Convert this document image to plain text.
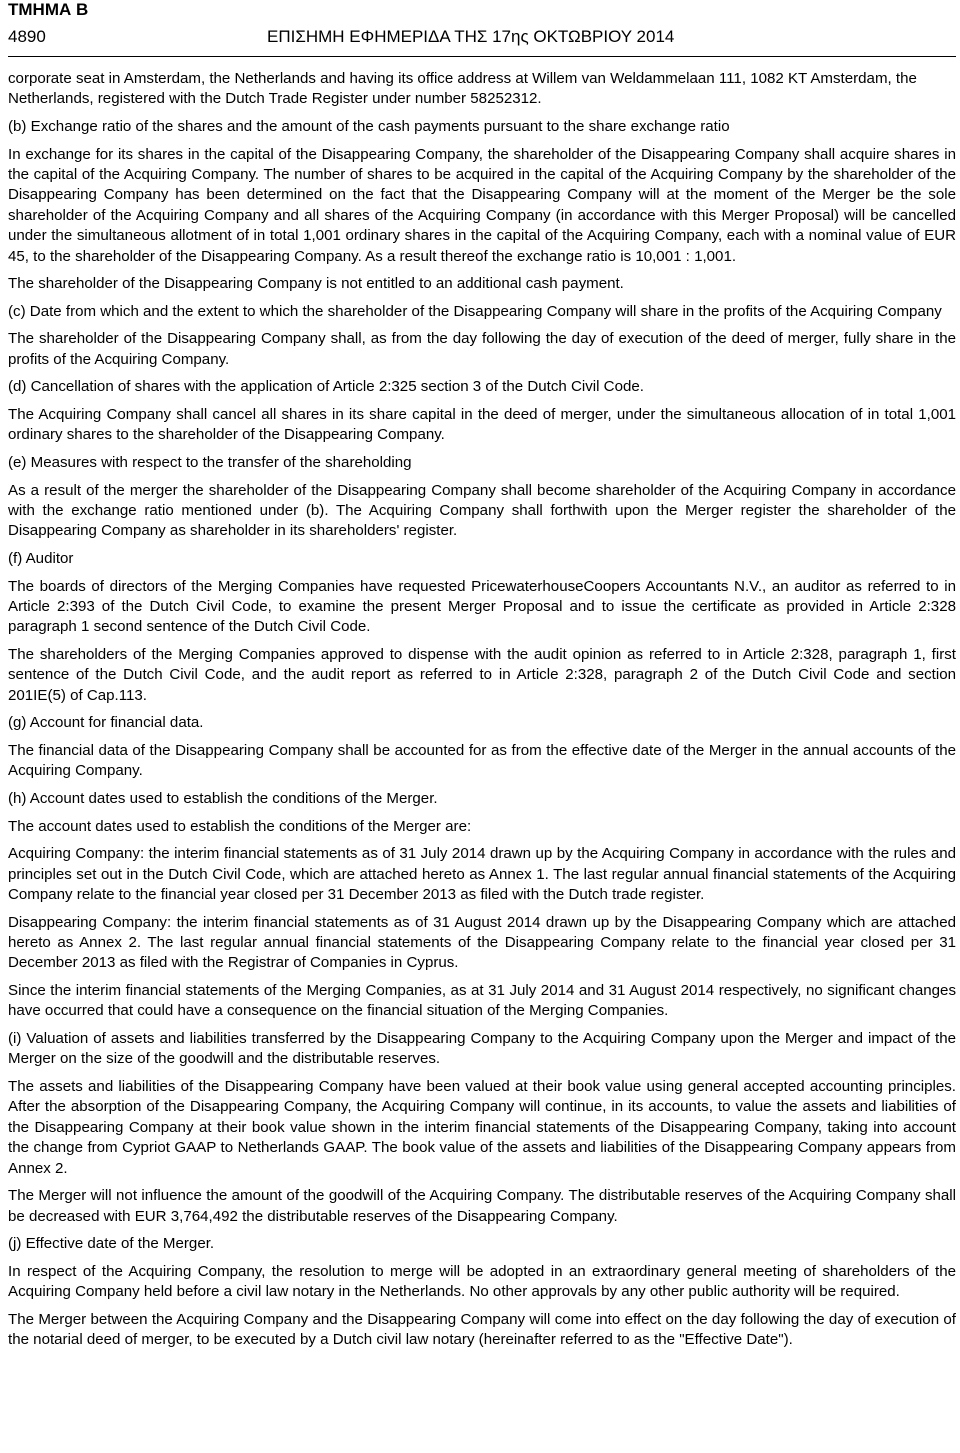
ΤΜΗΜΑ Β
4890	ΕΠΙΣΗΜΗ ΕΦΗΜΕΡΙΔΑ ΤΗΣ 17ης ΟΚΤΩΒΡΙΟΥ 2014

corporate seat in Amsterdam, the Netherlands and having its office address at Willem van Weldammelaan 111, 1082 KT Amsterdam, the Netherlands, registered with the Dutch Trade Register under number 58252312.

(b) Exchange ratio of the shares and the amount of the cash payments pursuant to the share exchange ratio

In exchange for its shares in the capital of the Disappearing Company, the shareholder of the Disappearing Company shall acquire shares in the capital of the Acquiring Company. The number of shares to be acquired in the capital of the Acquiring Company by the shareholder of the Disappearing Company has been determined on the fact that the Disappearing Company will at the moment of the Merger be the sole shareholder of the Acquiring Company and all shares of the Acquiring Company (in accordance with this Merger Proposal) will be cancelled under the simultaneous allotment of in total 1,001 ordinary shares in the capital of the Acquiring Company, each with a nominal value of EUR 45, to the shareholder of the Disappearing Company. As a result thereof the exchange ratio is 10,001 : 1,001.

The shareholder of the Disappearing Company is not entitled to an additional cash payment.

(c) Date from which and the extent to which the shareholder of the Disappearing Company will share in the profits of the Acquiring Company

The shareholder of the Disappearing Company shall, as from the day following the day of execution of the deed of merger, fully share in the profits of the Acquiring Company.

(d) Cancellation of shares with the application of Article 2:325 section 3 of the Dutch Civil Code.

The Acquiring Company shall cancel all shares in its share capital in the deed of merger, under the simultaneous allocation of in total 1,001 ordinary shares to the shareholder of the Disappearing Company.

(e) Measures with respect to the transfer of the shareholding

As a result of the merger the shareholder of the Disappearing Company shall become shareholder of the Acquiring Company in accordance with the exchange ratio mentioned under (b). The Acquiring Company shall forthwith upon the Merger register the shareholder of the Disappearing Company as shareholder in its shareholders' register.

(f) Auditor

The boards of directors of the Merging Companies have requested PricewaterhouseCoopers Accountants N.V., an auditor as referred to in Article 2:393 of the Dutch Civil Code, to examine the present Merger Proposal and to issue the certificate as provided in Article 2:328 paragraph 1 second sentence of the Dutch Civil Code.

The shareholders of the Merging Companies approved to dispense with the audit opinion as referred to in Article 2:328, paragraph 1, first sentence of the Dutch Civil Code, and the audit report as referred to in Article 2:328, paragraph 2 of the Dutch Civil Code and section 201IE(5) of Cap.113.

(g) Account for financial data.

The financial data of the Disappearing Company shall be accounted for as from the effective date of the Merger in the annual accounts of the Acquiring Company.

(h) Account dates used to establish the conditions of the Merger.

The account dates used to establish the conditions of the Merger are:

Acquiring Company: the interim financial statements as of 31 July 2014 drawn up by the Acquiring Company in accordance with the rules and principles set out in the Dutch Civil Code, which are attached hereto as Annex 1. The last regular annual financial statements of the Acquiring Company relate to the financial year closed per 31 December 2013 as filed with the Dutch trade register.

Disappearing Company: the interim financial statements as of 31 August 2014 drawn up by the Disappearing Company which are attached hereto as Annex 2. The last regular annual financial statements of the Disappearing Company relate to the financial year closed per 31 December 2013 as filed with the Registrar of Companies in Cyprus.

Since the interim financial statements of the Merging Companies, as at 31 July 2014 and 31 August 2014 respectively, no significant changes have occurred that could have a consequence on the financial situation of the Merging Companies.

(i) Valuation of assets and liabilities transferred by the Disappearing Company to the Acquiring Company upon the Merger and impact of the Merger on the size of the goodwill and the distributable reserves.

The assets and liabilities of the Disappearing Company have been valued at their book value using general accepted accounting principles. After the absorption of the Disappearing Company, the Acquiring Company will continue, in its accounts, to value the assets and liabilities of the Disappearing Company at their book value shown in the interim financial statements of the Disappearing Company, taking into account the change from Cypriot GAAP to Netherlands GAAP. The book value of the assets and liabilities of the Disappearing Company appears from Annex 2.

The Merger will not influence the amount of the goodwill of the Acquiring Company. The distributable reserves of the Acquiring Company shall be decreased with EUR 3,764,492 the distributable reserves of the Disappearing Company.

(j) Effective date of the Merger.

In respect of the Acquiring Company, the resolution to merge will be adopted in an extraordinary general meeting of shareholders of the Acquiring Company held before a civil law notary in the Netherlands. No other approvals by any other public authority will be required.

The Merger between the Acquiring Company and the Disappearing Company will come into effect on the day following the day of execution of the notarial deed of merger, to be executed by a Dutch civil law notary (hereinafter referred to as the "Effective Date").
